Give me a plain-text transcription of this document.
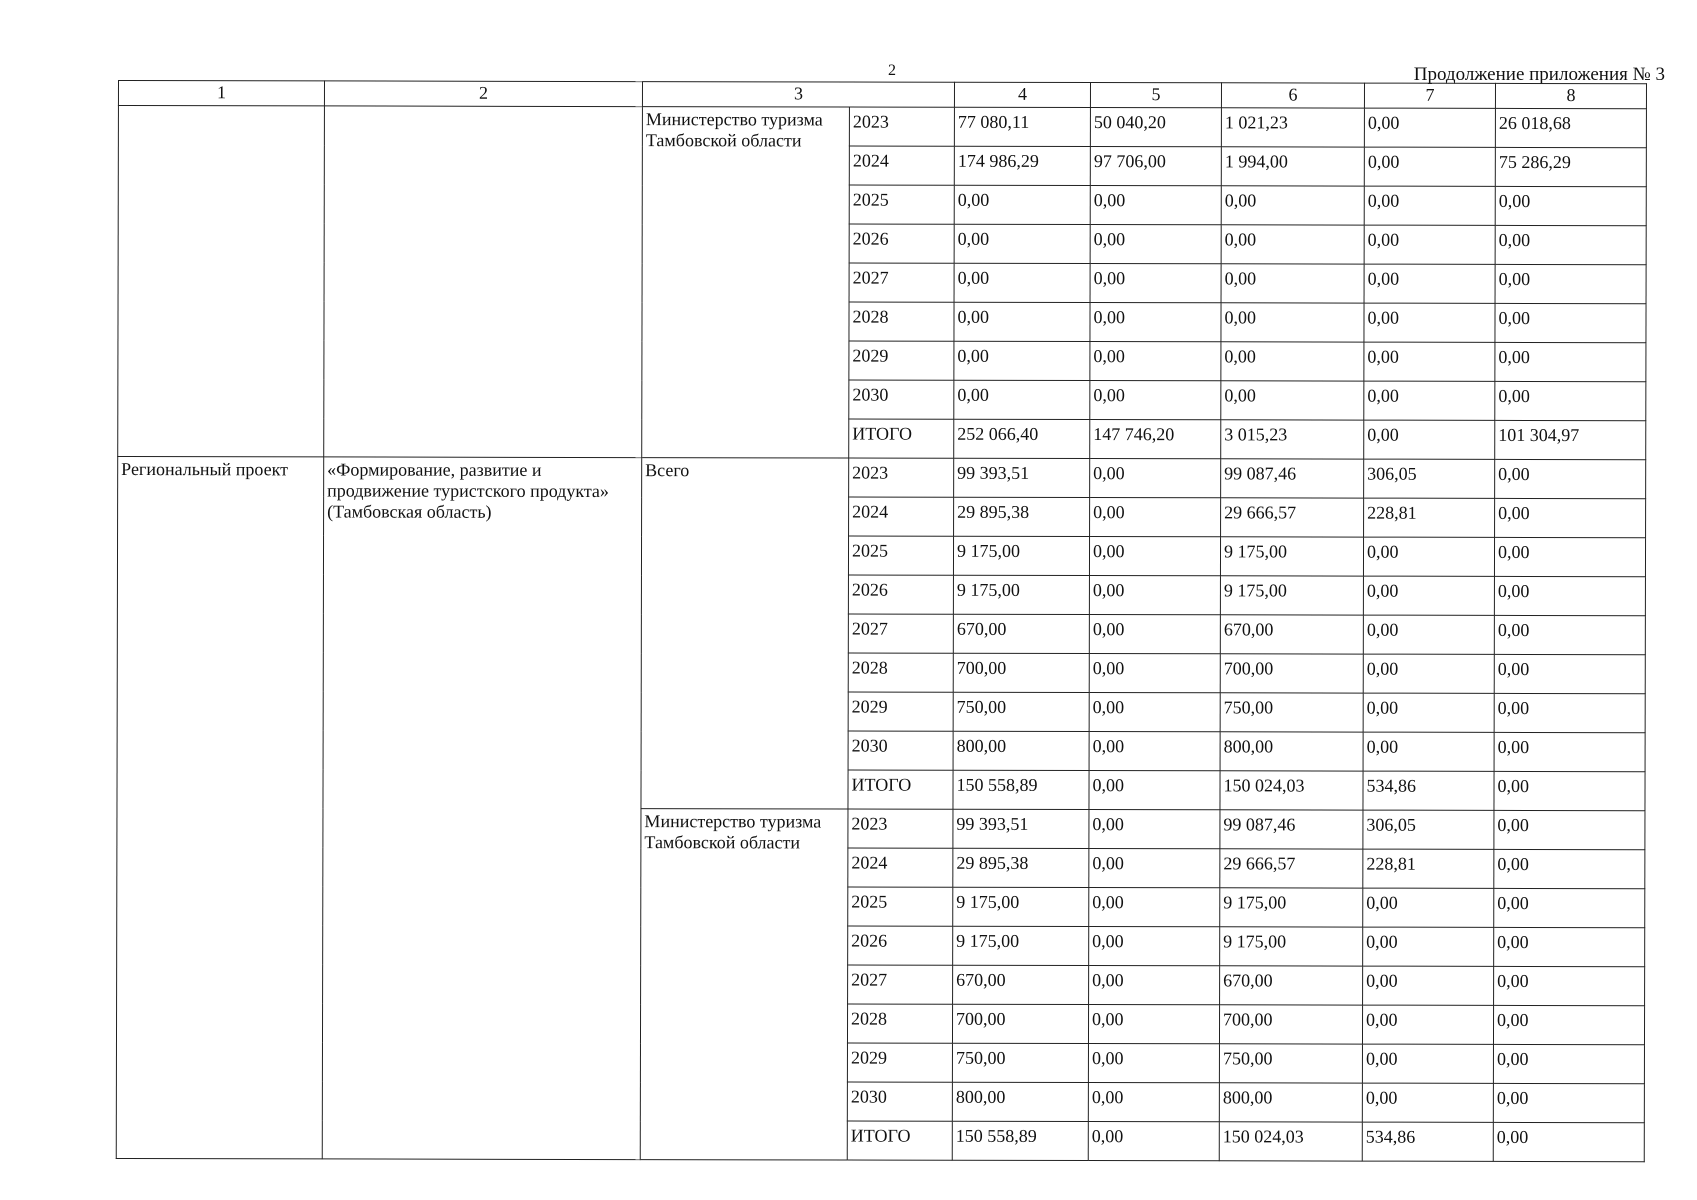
2	Продолжение приложения № 3
1	2	3		4	5	6	7	8
		Министерство туризма Тамбовской области	2023	77 080,11	50 040,20	1 021,23	0,00	26 018,68
			2024	174 986,29	97 706,00	1 994,00	0,00	75 286,29
			2025	0,00	0,00	0,00	0,00	0,00
			2026	0,00	0,00	0,00	0,00	0,00
			2027	0,00	0,00	0,00	0,00	0,00
			2028	0,00	0,00	0,00	0,00	0,00
			2029	0,00	0,00	0,00	0,00	0,00
			2030	0,00	0,00	0,00	0,00	0,00
			ИТОГО	252 066,40	147 746,20	3 015,23	0,00	101 304,97
Региональный проект	«Формирование, развитие и продвижение туристского продукта» (Тамбовская область)	Всего	2023	99 393,51	0,00	99 087,46	306,05	0,00
			2024	29 895,38	0,00	29 666,57	228,81	0,00
			2025	9 175,00	0,00	9 175,00	0,00	0,00
			2026	9 175,00	0,00	9 175,00	0,00	0,00
			2027	670,00	0,00	670,00	0,00	0,00
			2028	700,00	0,00	700,00	0,00	0,00
			2029	750,00	0,00	750,00	0,00	0,00
			2030	800,00	0,00	800,00	0,00	0,00
			ИТОГО	150 558,89	0,00	150 024,03	534,86	0,00
		Министерство туризма Тамбовской области	2023	99 393,51	0,00	99 087,46	306,05	0,00
			2024	29 895,38	0,00	29 666,57	228,81	0,00
			2025	9 175,00	0,00	9 175,00	0,00	0,00
			2026	9 175,00	0,00	9 175,00	0,00	0,00
			2027	670,00	0,00	670,00	0,00	0,00
			2028	700,00	0,00	700,00	0,00	0,00
			2029	750,00	0,00	750,00	0,00	0,00
			2030	800,00	0,00	800,00	0,00	0,00
			ИТОГО	150 558,89	0,00	150 024,03	534,86	0,00
